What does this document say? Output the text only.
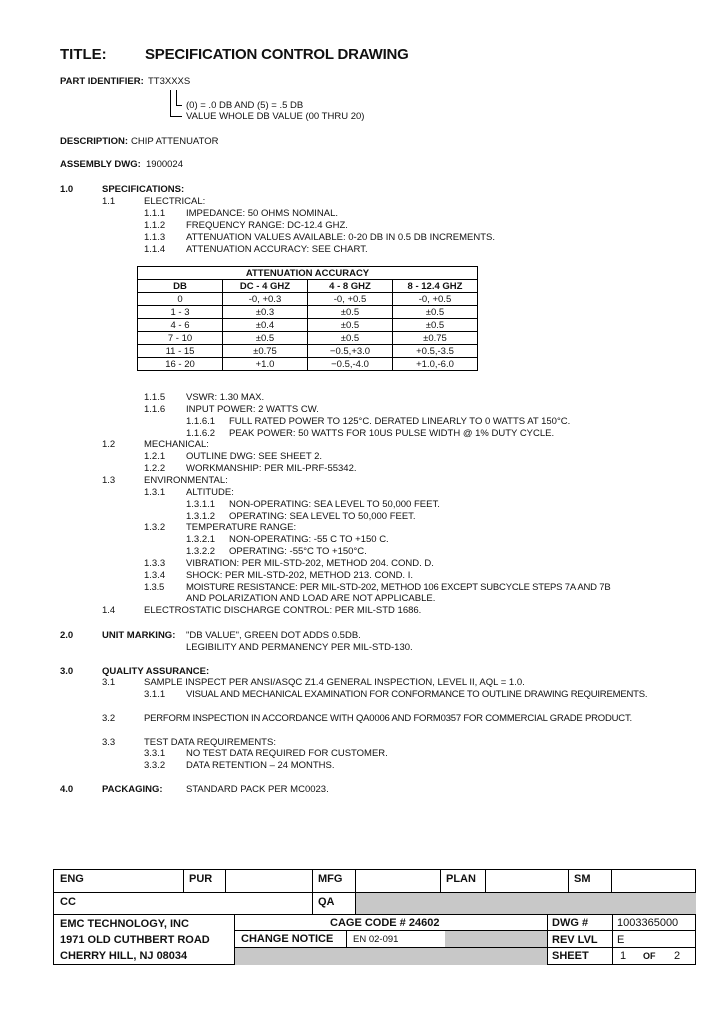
TITLE:	SPECIFICATION CONTROL DRAWING
PART IDENTIFIER: TT3XXXS
(0) = .0 DB AND (5) = .5 DB
VALUE WHOLE DB VALUE (00 THRU 20)
DESCRIPTION: CHIP ATTENUATOR
ASSEMBLY DWG: 1900024
1.0	SPECIFICATIONS:
1.1	ELECTRICAL:
1.1.1 IMPEDANCE: 50 OHMS NOMINAL.
1.1.2 FREQUENCY RANGE: DC-12.4 GHZ.
1.1.3 ATTENUATION VALUES AVAILABLE: 0-20 DB IN 0.5 DB INCREMENTS.
1.1.4 ATTENUATION ACCURACY: SEE CHART.
ATTENUATION ACCURACY			
DB	DC - 4 GHZ	4 - 8 GHZ	8 - 12.4 GHZ
0	-0, +0.3	-0, +0.5	-0, +0.5
1 - 3	±0.3	±0.5	±0.5
4 - 6	±0.4	±0.5	±0.5
7 - 10	±0.5	±0.5	±0.75
11 - 15	±0.75	−0.5,+3.0	+0.5,-3.5
16 - 20	+1.0	−0.5,-4.0	+1.0,-6.0
1.1.5 VSWR: 1.30 MAX.
1.1.6 INPUT POWER: 2 WATTS CW.
1.1.6.1 FULL RATED POWER TO 125°C. DERATED LINEARLY TO 0 WATTS AT 150°C.
1.1.6.2 PEAK POWER: 50 WATTS FOR 10US PULSE WIDTH @ 1% DUTY CYCLE.
1.2	MECHANICAL:
1.2.1 OUTLINE DWG: SEE SHEET 2.
1.2.2 WORKMANSHIP: PER MIL-PRF-55342.
1.3	ENVIRONMENTAL:
1.3.1 ALTITUDE:
1.3.1.1 NON-OPERATING: SEA LEVEL TO 50,000 FEET.
1.3.1.2 OPERATING: SEA LEVEL TO 50,000 FEET.
1.3.2 TEMPERATURE RANGE:
1.3.2.1 NON-OPERATING: -55 C TO +150 C.
1.3.2.2 OPERATING: -55°C TO +150°C.
1.3.3 VIBRATION: PER MIL-STD-202, METHOD 204. COND. D.
1.3.4 SHOCK: PER MIL-STD-202, METHOD 213. COND. I.
1.3.5 MOISTURE RESISTANCE: PER MIL-STD-202, METHOD 106 EXCEPT SUBCYCLE STEPS 7A AND 7B
AND POLARIZATION AND LOAD ARE NOT APPLICABLE.
1.4	ELECTROSTATIC DISCHARGE CONTROL: PER MIL-STD 1686.
2.0	UNIT MARKING: "DB VALUE", GREEN DOT ADDS 0.5DB.
LEGIBILITY AND PERMANENCY PER MIL-STD-130.
3.0	QUALITY ASSURANCE:
3.1	SAMPLE INSPECT PER ANSI/ASQC Z1.4 GENERAL INSPECTION, LEVEL II, AQL = 1.0.
3.1.1 VISUAL AND MECHANICAL EXAMINATION FOR CONFORMANCE TO OUTLINE DRAWING REQUIREMENTS.
3.2	PERFORM INSPECTION IN ACCORDANCE WITH QA0006 AND FORM0357 FOR COMMERCIAL GRADE PRODUCT.
3.3	TEST DATA REQUIREMENTS:
3.3.1 NO TEST DATA REQUIRED FOR CUSTOMER.
3.3.2 DATA RETENTION – 24 MONTHS.
4.0	PACKAGING: STANDARD PACK PER MC0023.
ENG	PUR	MFG	PLAN	SM
CC	QA
EMC TECHNOLOGY, INC
1971 OLD CUTHBERT ROAD
CHERRY HILL, NJ 08034
CAGE CODE # 24602
CHANGE NOTICE EN 02-091
DWG #	1003365000
REV LVL E
SHEET	1 OF 2
